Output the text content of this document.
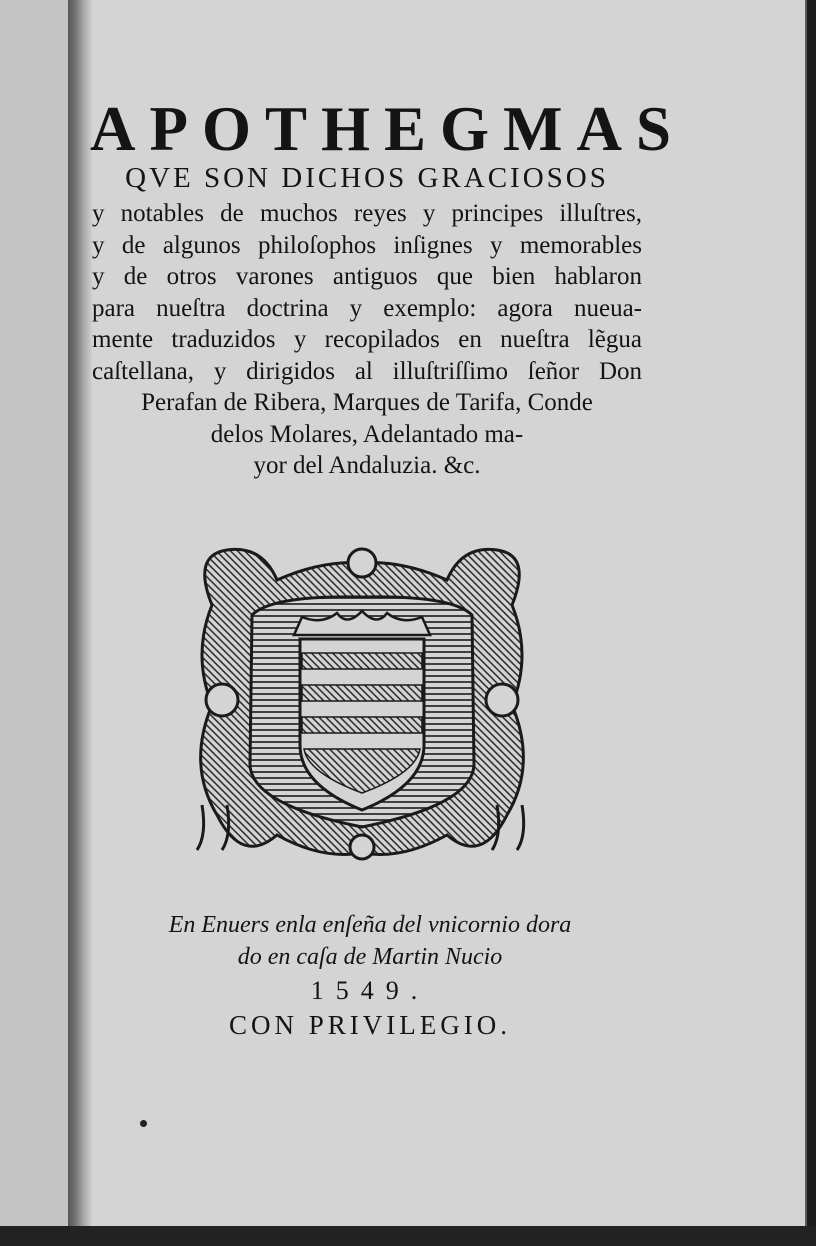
APOTHEGMAS
QVE SON DICHOS GRACIOSOS
y notables de muchos reyes y principes illuſtres,
y de algunos philoſophos inſignes y memorables
y de otros varones antiguos que bien hablaron
para nueſtra doctrina y exemplo: agora nueua-
mente traduzidos y recopilados en nueſtra lẽgua
caſtellana, y dirigidos al illuſtriſſimo ſeñor Don
Perafan de Ribera, Marques de Tarifa, Conde
delos Molares, Adelantado ma-
yor del Andaluzia. &c.
En Enuers enla enſeña del vnicornio dora
do en caſa de Martin Nucio
1549.
CON PRIVILEGIO.
